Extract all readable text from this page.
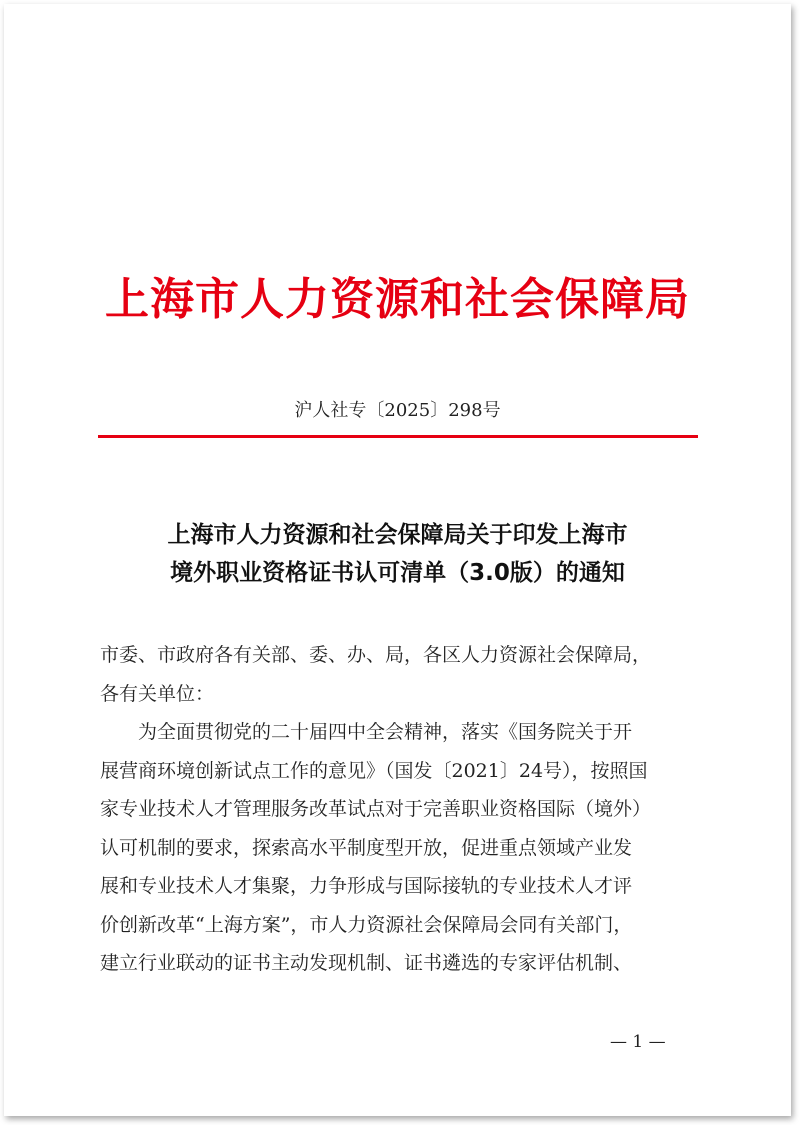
上海市人力资源和社会保障局
沪人社专〔2025〕298号
上海市人力资源和社会保障局关于印发上海市
境外职业资格证书认可清单（3.0版）的通知
市委、市政府各有关部、委、办、局，各区人力资源社会保障局，
各有关单位：
为全面贯彻党的二十届四中全会精神，落实《国务院关于开
展营商环境创新试点工作的意见》（国发〔2021〕24号），按照国
家专业技术人才管理服务改革试点对于完善职业资格国际（境外）
认可机制的要求，探索高水平制度型开放，促进重点领域产业发
展和专业技术人才集聚，力争形成与国际接轨的专业技术人才评
价创新改革“上海方案”，市人力资源社会保障局会同有关部门，
建立行业联动的证书主动发现机制、证书遴选的专家评估机制、
— 1 —
